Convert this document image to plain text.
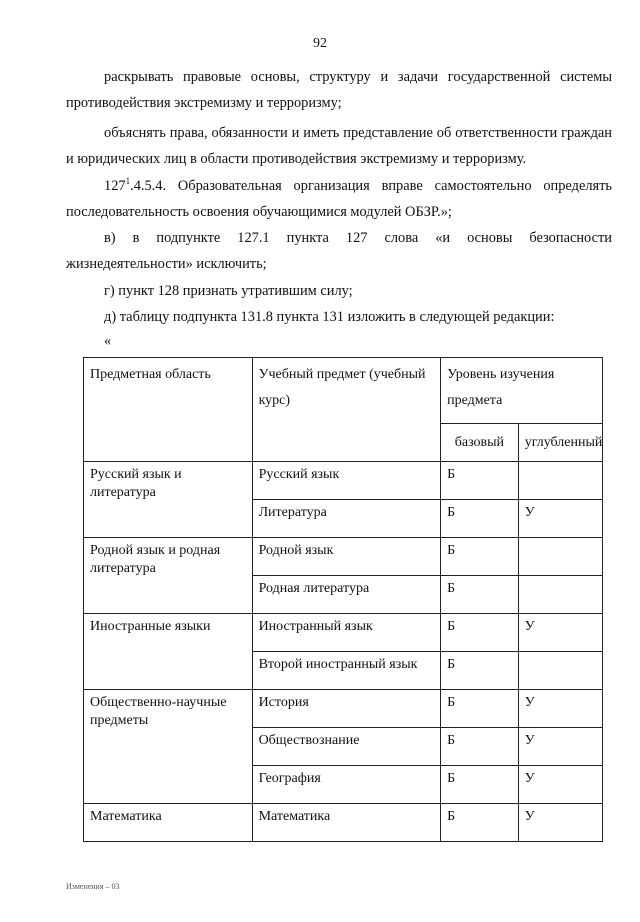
92

раскрывать правовые основы, структуру и задачи государственной системы противодействия экстремизму и терроризму;

объяснять права, обязанности и иметь представление об ответственности граждан и юридических лиц в области противодействия экстремизму и терроризму.

$127^1.4.5.4$. Образовательная организация вправе самостоятельно определять последовательность освоения обучающимися модулей ОБЗР.»;

в) в подпункте 127.1 пункта 127 слова «и основы безопасности жизнедеятельности» исключить;

г) пункт 128 признать утратившим силу;

д) таблицу подпункта 131.8 пункта 131 изложить в следующей редакции:

«
Предметная область	Учебный предмет (учебный курс)	Уровень изучения предмета	
		базовый	углубленный
Русский язык и литература	Русский язык	Б	
	Литература	Б	У
Родной язык и родная литература	Родной язык	Б	
	Родная литература	Б	
Иностранные языки	Иностранный язык	Б	У
	Второй иностранный язык	Б	
Общественно-научные предметы	История	Б	У
	Обществознание	Б	У
	География	Б	У
Математика	Математика	Б	У
Изменения – 03
